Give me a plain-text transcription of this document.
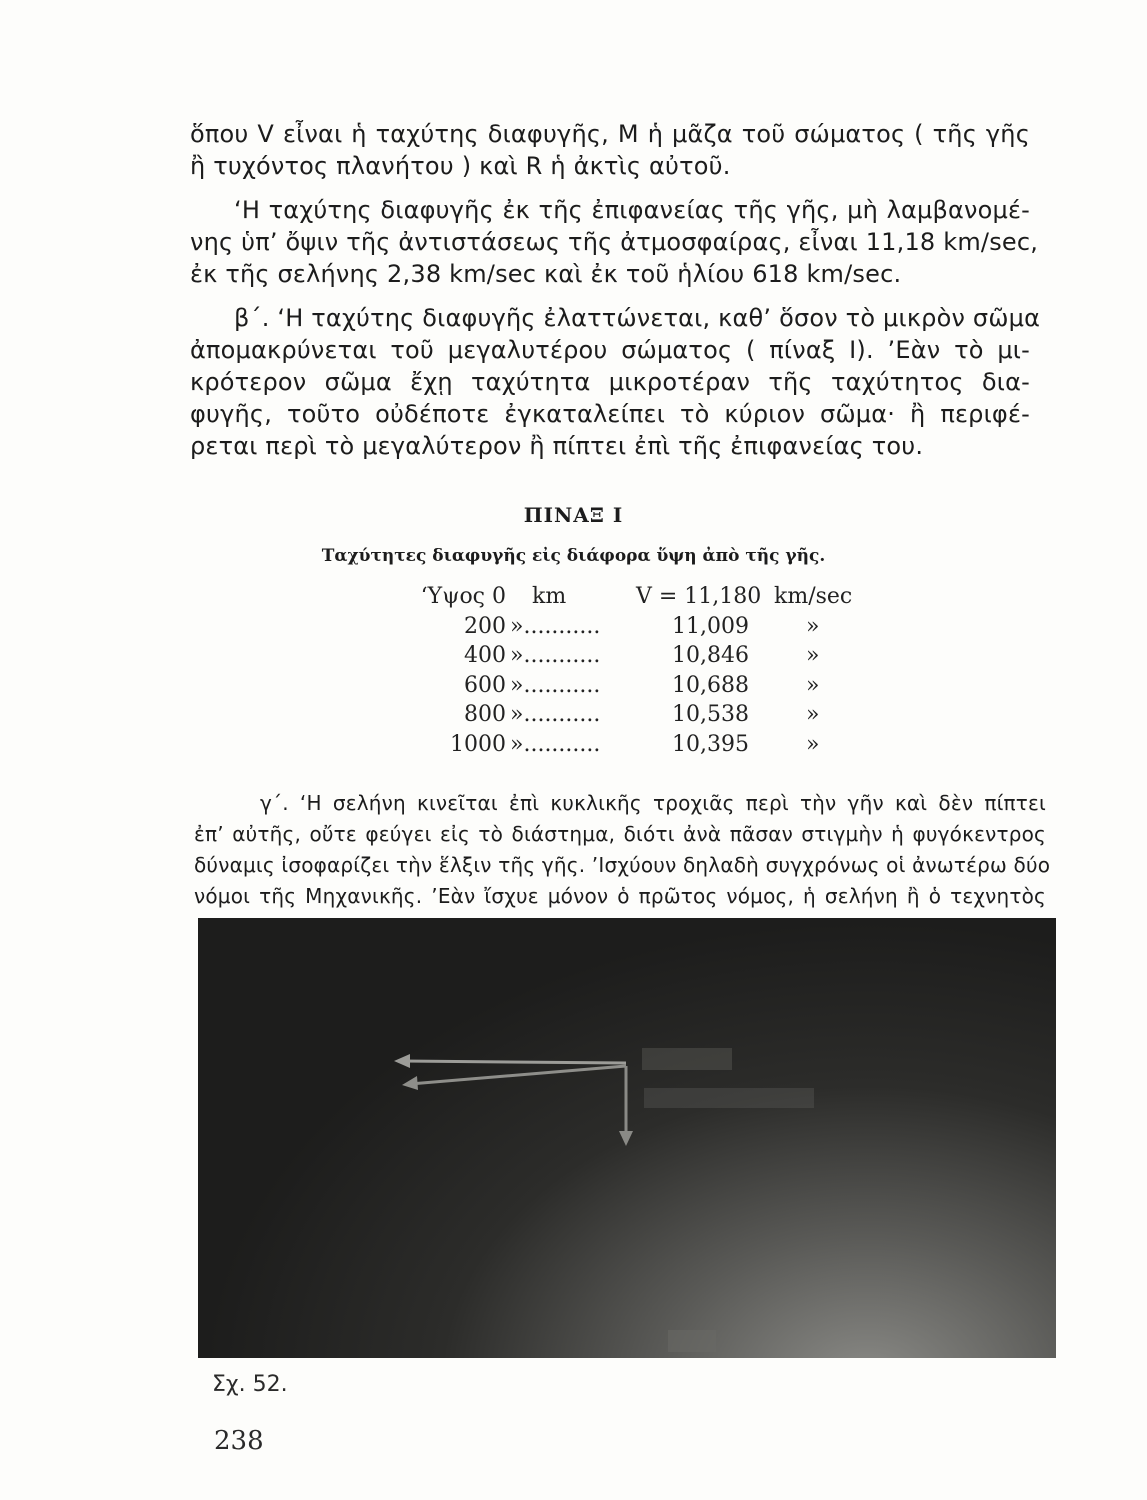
ὅπου V εἶναι ἡ ταχύτης διαφυγῆς, M ἡ μᾶζα τοῦ σώματος ( τῆς γῆς
ἢ τυχόντος πλανήτου ) καὶ R ἡ ἀκτὶς αὐτοῦ.
‘Η ταχύτης διαφυγῆς ἐκ τῆς ἐπιφανείας τῆς γῆς, μὴ λαμβανομέ-
νης ὑπ’ ὄψιν τῆς ἀντιστάσεως τῆς ἀτμοσφαίρας, εἶναι 11,18 km/sec,
ἐκ τῆς σελήνης 2,38 km/sec καὶ ἐκ τοῦ ἡλίου 618 km/sec.
β΄. ‘Η ταχύτης διαφυγῆς ἐλαττώνεται, καθ’ ὅσον τὸ μικρὸν σῶμα
ἀπομακρύνεται τοῦ μεγαλυτέρου σώματος ( πίναξ I). ’Εὰν τὸ μι-
κρότερον σῶμα ἔχῃ ταχύτητα μικροτέραν τῆς ταχύτητος δια-
φυγῆς, τοῦτο οὐδέποτε ἐγκαταλείπει τὸ κύριον σῶμα· ἢ περιφέ-
ρεται περὶ τὸ μεγαλύτερον ἢ πίπτει ἐπὶ τῆς ἐπιφανείας του.
ΠΙΝΑΞ I
Ταχύτητες διαφυγῆς εἰς διάφορα ὕψη ἀπὸ τῆς γῆς.
‘Υψος 0 km	V = 11,180 km/sec
200 »...........	11,009	»
400 »...........	10,846	»
600 »...........	10,688	»
800 »...........	10,538	»
1000 »...........	10,395	»
γ΄. ‘Η σελήνη κινεῖται ἐπὶ κυκλικῆς τροχιᾶς περὶ τὴν γῆν καὶ δὲν πίπτει
ἐπ’ αὐτῆς, οὔτε φεύγει εἰς τὸ διάστημα, διότι ἀνὰ πᾶσαν στιγμὴν ἡ φυγόκεντρος
δύναμις ἰσοφαρίζει τὴν ἕλξιν τῆς γῆς. ’Ισχύουν δηλαδὴ συγχρόνως οἱ ἀνωτέρω δύο
νόμοι τῆς Μηχανικῆς. ’Εὰν ἴσχυε μόνον ὁ πρῶτος νόμος, ἡ σελήνη ἢ ὁ τεχνητὸς
Σχ. 52.
238
